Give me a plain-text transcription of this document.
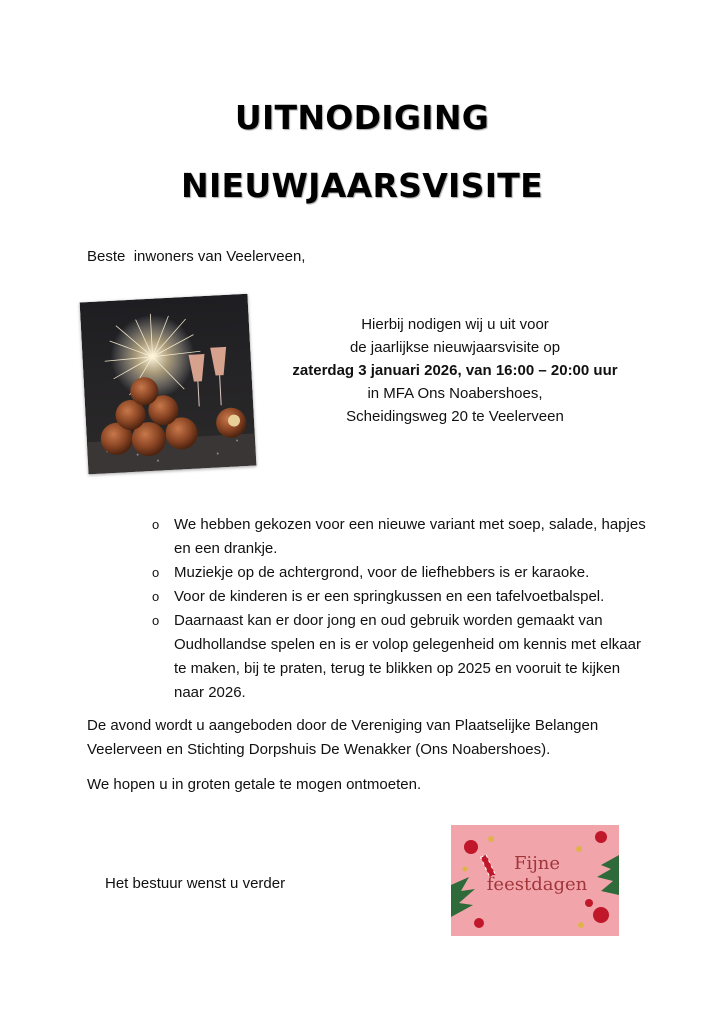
UITNODIGING
NIEUWJAARSVISITE
Beste  inwoners van Veelerveen,
Hierbij nodigen wij u uit voor
de jaarlijkse nieuwjaarsvisite op
zaterdag 3 januari 2026, van 16:00 – 20:00 uur
in MFA Ons Noabershoes,
Scheidingsweg 20 te Veelerveen
o We hebben gekozen voor een nieuwe variant met soep, salade, hapjes en een drankje.
o Muziekje op de achtergrond, voor de liefhebbers is er karaoke.
o Voor de kinderen is er een springkussen en een tafelvoetbalspel.
o Daarnaast kan er door jong en oud gebruik worden gemaakt van Oudhollandse spelen en is er volop gelegenheid om kennis met elkaar te maken, bij te praten, terug te blikken op 2025 en vooruit te kijken naar 2026.
De avond wordt u aangeboden door de Vereniging van Plaatselijke Belangen Veelerveen en Stichting Dorpshuis De Wenakker (Ons Noabershoes).
We hopen u in groten getale te mogen ontmoeten.
Het bestuur wenst u verder
Fijne
feestdagen
